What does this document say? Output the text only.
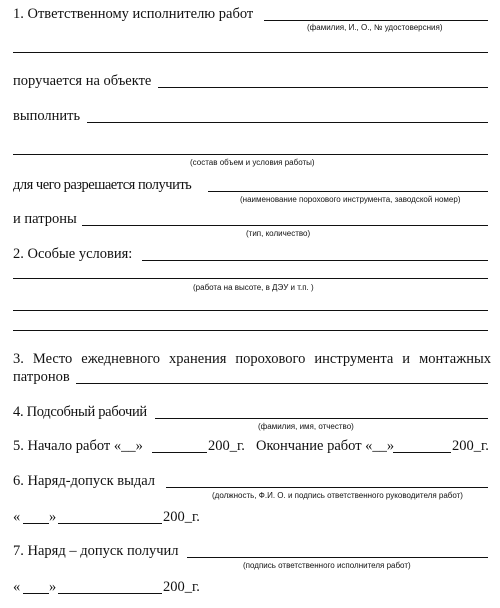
1. Ответственному исполнителю работ
(фамилия, И., О., № удостоверсния)
поручается на объекте
выполнить
(состав объем и условия работы)
для чего разрешается получить
(наименование порохового инструмента, заводской номер)
и патроны
(тип, количество)
2. Особые условия:
(работа на высоте, в ДЭУ и т.п. )
3. Место ежедневного хранения порохового инструмента и монтажных
патронов
4. Подсобный рабочий
(фамилия, имя, отчество)
5. Начало работ «__»	200_г. Окончание работ «__»	200_г.
6. Наряд-допуск выдал
(должность, Ф.И. О. и подпись ответственного руководителя работ)
« »	200_г.
7. Наряд – допуск получил
(подпись ответственного исполнителя работ)
« »	200_г.
